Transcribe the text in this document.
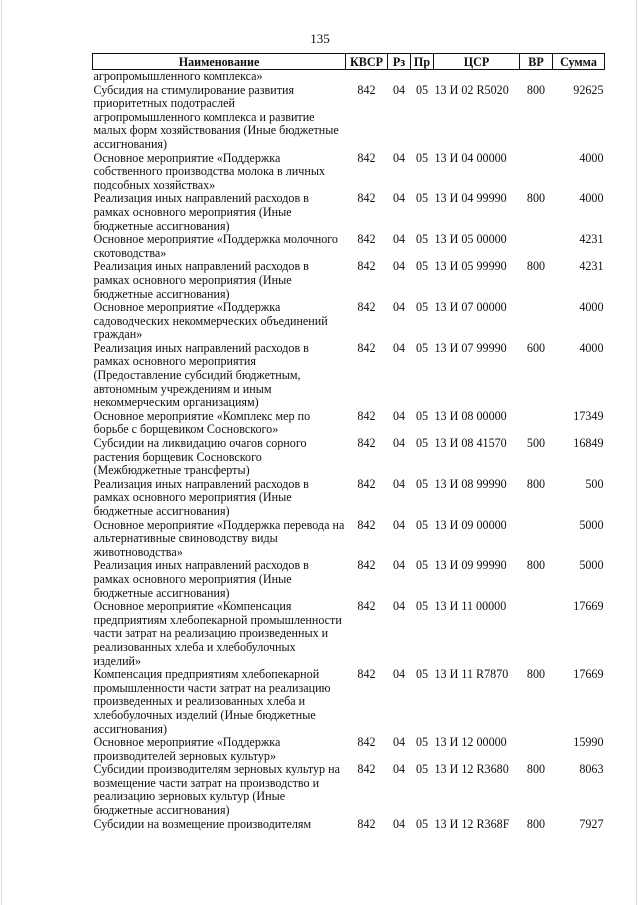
135
Наименование	КВСР	Рз	Пр	ЦСР	ВР	Сумма
агропромышленного комплекса»						
Субсидия на стимулирование развития приоритетных подотраслей агропромышленного комплекса и развитие малых форм хозяйствования (Иные бюджетные ассигнования)	842	04	05	13 И 02 R5020	800	92625
Основное мероприятие «Поддержка собственного производства молока в личных подсобных хозяйствах»	842	04	05	13 И 04 00000		4000
Реализация иных направлений расходов в рамках основного мероприятия (Иные бюджетные ассигнования)	842	04	05	13 И 04 99990	800	4000
Основное мероприятие «Поддержка молочного скотоводства»	842	04	05	13 И 05 00000		4231
Реализация иных направлений расходов в рамках основного мероприятия (Иные бюджетные ассигнования)	842	04	05	13 И 05 99990	800	4231
Основное мероприятие «Поддержка садоводческих некоммерческих объединений граждан»	842	04	05	13 И 07 00000		4000
Реализация иных направлений расходов в рамках основного мероприятия (Предоставление субсидий бюджетным, автономным учреждениям и иным некоммерческим организациям)	842	04	05	13 И 07 99990	600	4000
Основное мероприятие «Комплекс мер по борьбе с борщевиком Сосновского»	842	04	05	13 И 08 00000		17349
Субсидии на ликвидацию очагов сорного растения борщевик Сосновского (Межбюджетные трансферты)	842	04	05	13 И 08 41570	500	16849
Реализация иных направлений расходов в рамках основного мероприятия (Иные бюджетные ассигнования)	842	04	05	13 И 08 99990	800	500
Основное мероприятие «Поддержка перевода на альтернативные свиноводству виды животноводства»	842	04	05	13 И 09 00000		5000
Реализация иных направлений расходов в рамках основного мероприятия (Иные бюджетные ассигнования)	842	04	05	13 И 09 99990	800	5000
Основное мероприятие «Компенсация предприятиям хлебопекарной промышленности части затрат на реализацию произведенных и реализованных хлеба и хлебобулочных изделий»	842	04	05	13 И 11 00000		17669
Компенсация предприятиям хлебопекарной промышленности части затрат на реализацию произведенных и реализованных хлеба и хлебобулочных изделий (Иные бюджетные ассигнования)	842	04	05	13 И 11 R7870	800	17669
Основное мероприятие «Поддержка производителей зерновых культур»	842	04	05	13 И 12 00000		15990
Субсидии производителям зерновых культур на возмещение части затрат на производство и реализацию зерновых культур (Иные бюджетные ассигнования)	842	04	05	13 И 12 R3680	800	8063
Субсидии на возмещение производителям	842	04	05	13 И 12 R368F	800	7927
